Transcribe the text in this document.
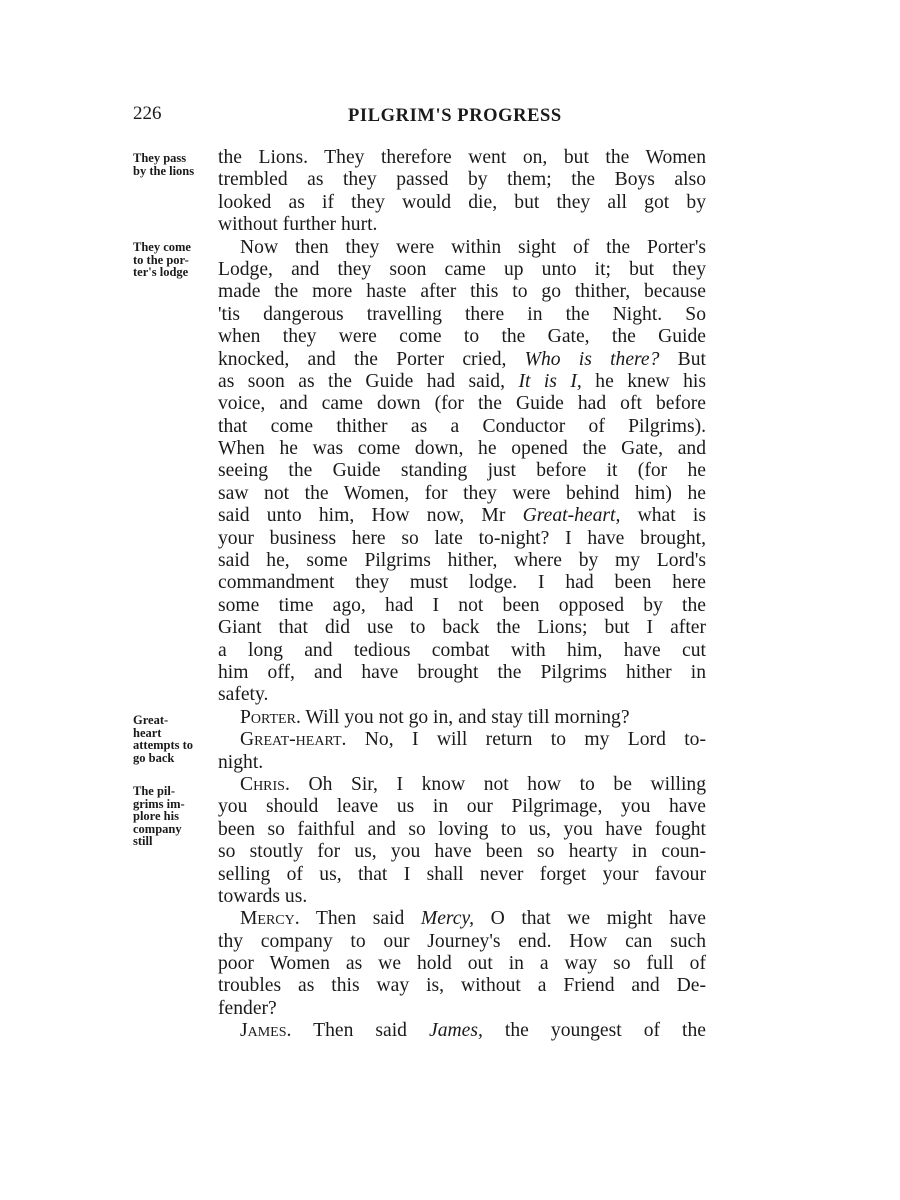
226	PILGRIM'S PROGRESS
They pass
by the lions
They come
to the por-
ter's lodge
Great-
heart
attempts to
go back
The pil-
grims im-
plore his
company
still
the Lions. They therefore went on, but the Women
trembled as they passed by them; the Boys also
looked as if they would die, but they all got by
without further hurt.
Now then they were within sight of the Porter's
Lodge, and they soon came up unto it; but they
made the more haste after this to go thither, because
'tis dangerous travelling there in the Night. So
when they were come to the Gate, the Guide
knocked, and the Porter cried, Who is there? But
as soon as the Guide had said, It is I, he knew his
voice, and came down (for the Guide had oft before
that come thither as a Conductor of Pilgrims).
When he was come down, he opened the Gate, and
seeing the Guide standing just before it (for he
saw not the Women, for they were behind him) he
said unto him, How now, Mr Great-heart, what is
your business here so late to-night? I have brought,
said he, some Pilgrims hither, where by my Lord's
commandment they must lodge. I had been here
some time ago, had I not been opposed by the
Giant that did use to back the Lions; but I after
a long and tedious combat with him, have cut
him off, and have brought the Pilgrims hither in
safety.
Porter. Will you not go in, and stay till morning?
Great-heart. No, I will return to my Lord to-
night.
Chris. Oh Sir, I know not how to be willing
you should leave us in our Pilgrimage, you have
been so faithful and so loving to us, you have fought
so stoutly for us, you have been so hearty in coun-
selling of us, that I shall never forget your favour
towards us.
Mercy. Then said Mercy, O that we might have
thy company to our Journey's end. How can such
poor Women as we hold out in a way so full of
troubles as this way is, without a Friend and De-
fender?
James. Then said James, the youngest of the
